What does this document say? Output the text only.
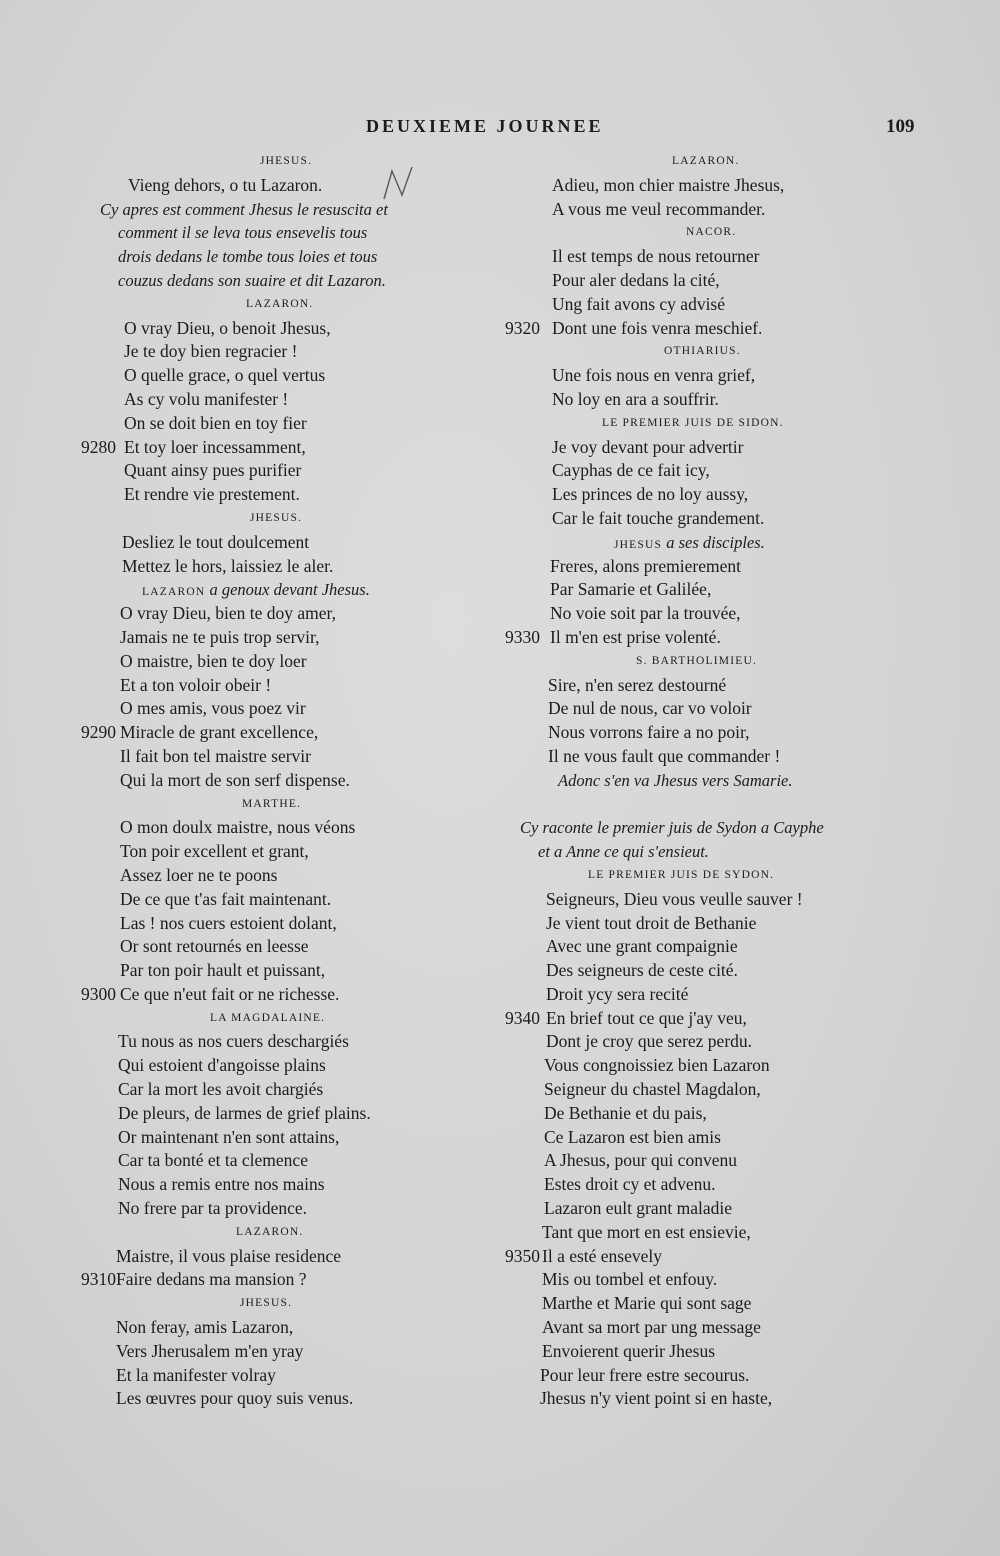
DEUXIEME JOURNEE	109
JHESUS.
Vieng dehors, o tu Lazaron.
Cy apres est comment Jhesus le resuscita et
comment il se leva tous ensevelis tous
drois dedans le tombe tous loies et tous
couzus dedans son suaire et dit Lazaron.
LAZARON.
O vray Dieu, o benoit Jhesus,
Je te doy bien regracier !
O quelle grace, o quel vertus
As cy volu manifester !
On se doit bien en toy fier
9280 Et toy loer incessamment,
Quant ainsy pues purifier
Et rendre vie prestement.
JHESUS.
Desliez le tout doulcement
Mettez le hors, laissiez le aler.
LAZARON a genoux devant Jhesus.
O vray Dieu, bien te doy amer,
Jamais ne te puis trop servir,
O maistre, bien te doy loer
Et a ton voloir obeir !
O mes amis, vous poez vir
9290 Miracle de grant excellence,
Il fait bon tel maistre servir
Qui la mort de son serf dispense.
MARTHE.
O mon doulx maistre, nous véons
Ton poir excellent et grant,
Assez loer ne te poons
De ce que t'as fait maintenant.
Las ! nos cuers estoient dolant,
Or sont retournés en leesse
Par ton poir hault et puissant,
9300 Ce que n'eut fait or ne richesse.
LA MAGDALAINE.
Tu nous as nos cuers deschargiés
Qui estoient d'angoisse plains
Car la mort les avoit chargiés
De pleurs, de larmes de grief plains.
Or maintenant n'en sont attains,
Car ta bonté et ta clemence
Nous a remis entre nos mains
No frere par ta providence.
LAZARON.
Maistre, il vous plaise residence
9310 Faire dedans ma mansion ?
JHESUS.
Non feray, amis Lazaron,
Vers Jherusalem m'en yray
Et la manifester volray
Les œuvres pour quoy suis venus.
LAZARON.
Adieu, mon chier maistre Jhesus,
A vous me veul recommander.
NACOR.
Il est temps de nous retourner
Pour aler dedans la cité,
Ung fait avons cy advisé
9320 Dont une fois venra meschief.
OTHIARIUS.
Une fois nous en venra grief,
No loy en ara a souffrir.
LE PREMIER JUIS DE SIDON.
Je voy devant pour advertir
Cayphas de ce fait icy,
Les princes de no loy aussy,
Car le fait touche grandement.
JHESUS a ses disciples.
Freres, alons premierement
Par Samarie et Galilée,
No voie soit par la trouvée,
9330 Il m'en est prise volenté.
S. BARTHOLIMIEU.
Sire, n'en serez destourné
De nul de nous, car vo voloir
Nous vorrons faire a no poir,
Il ne vous fault que commander !
Adonc s'en va Jhesus vers Samarie.
Cy raconte le premier juis de Sydon a Cayphe
et a Anne ce qui s'ensieut.
LE PREMIER JUIS DE SYDON.
Seigneurs, Dieu vous veulle sauver !
Je vient tout droit de Bethanie
Avec une grant compaignie
Des seigneurs de ceste cité.
Droit ycy sera recité
9340 En brief tout ce que j'ay veu,
Dont je croy que serez perdu.
Vous congnoissiez bien Lazaron
Seigneur du chastel Magdalon,
De Bethanie et du pais,
Ce Lazaron est bien amis
A Jhesus, pour qui convenu
Estes droit cy et advenu.
Lazaron eult grant maladie
Tant que mort en est ensievie,
9350 Il a esté ensevely
Mis ou tombel et enfouy.
Marthe et Marie qui sont sage
Avant sa mort par ung message
Envoierent querir Jhesus
Pour leur frere estre secourus.
Jhesus n'y vient point si en haste,
